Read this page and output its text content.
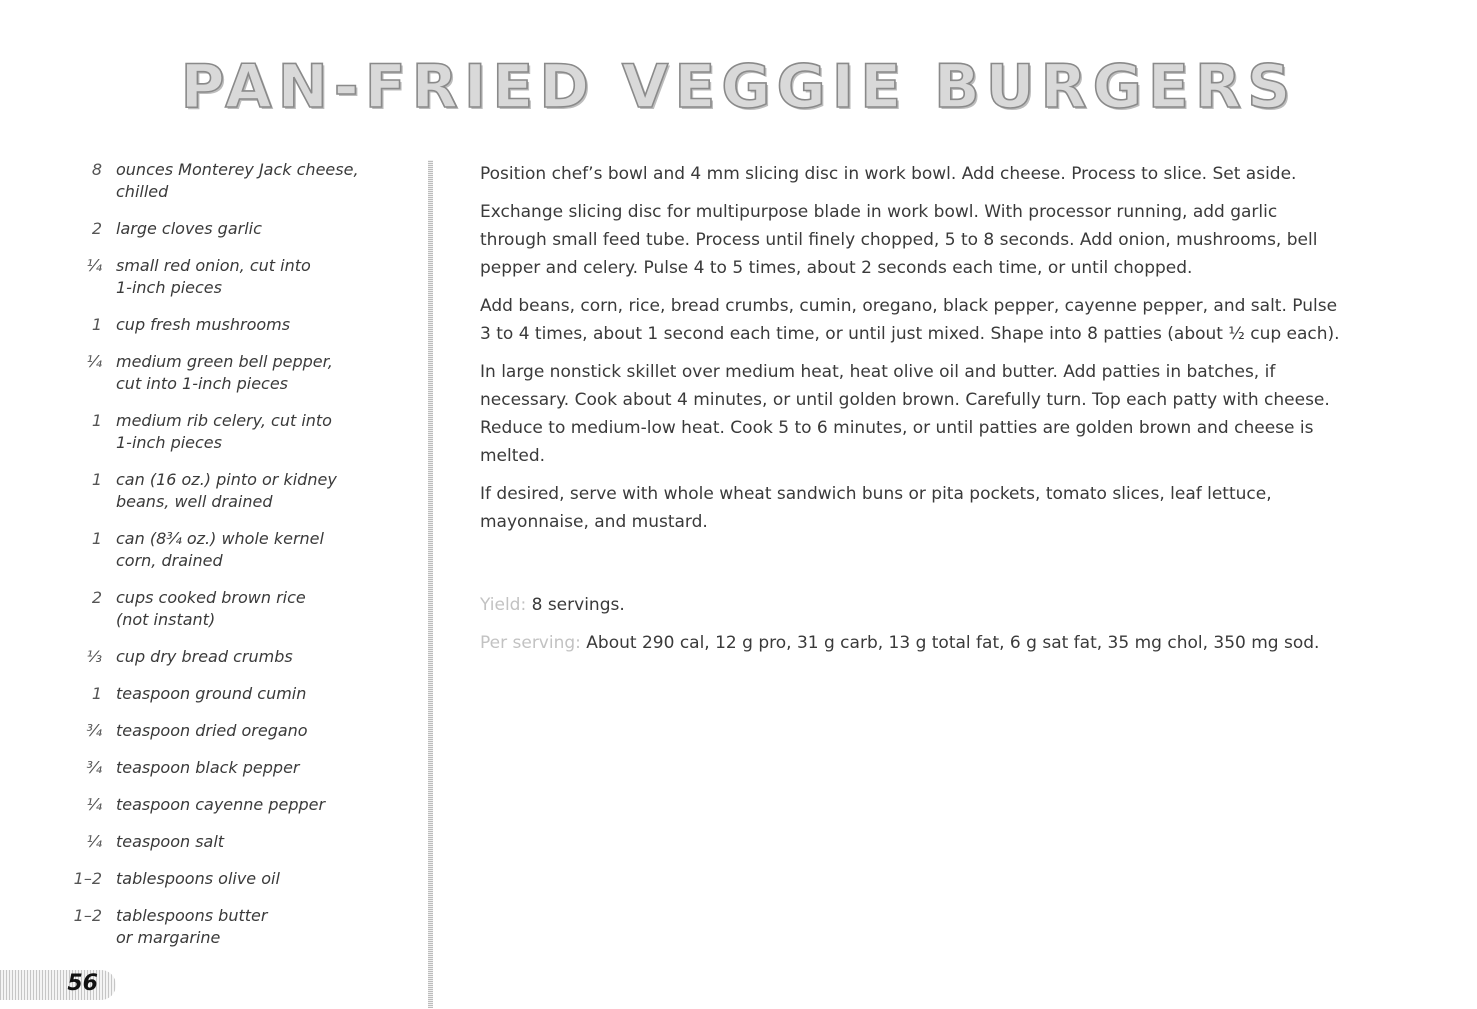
PAN-FRIED VEGGIE BURGERS
8 ounces Monterey Jack cheese,
chilled
2 large cloves garlic
¼ small red onion, cut into
1-inch pieces
1 cup fresh mushrooms
¼ medium green bell pepper,
cut into 1-inch pieces
1 medium rib celery, cut into
1-inch pieces
1 can (16 oz.) pinto or kidney
beans, well drained
1 can (8¾ oz.) whole kernel
corn, drained
2 cups cooked brown rice
(not instant)
⅓ cup dry bread crumbs
1 teaspoon ground cumin
¾ teaspoon dried oregano
¾ teaspoon black pepper
¼ teaspoon cayenne pepper
¼ teaspoon salt
1–2 tablespoons olive oil
1–2 tablespoons butter
or margarine

Position chef’s bowl and 4 mm slicing disc in work bowl. Add cheese. Process to slice. Set aside.

Exchange slicing disc for multipurpose blade in work bowl. With processor running, add garlic through small feed tube. Process until finely chopped, 5 to 8 seconds. Add onion, mushrooms, bell pepper and celery. Pulse 4 to 5 times, about 2 seconds each time, or until chopped.

Add beans, corn, rice, bread crumbs, cumin, oregano, black pepper, cayenne pepper, and salt. Pulse 3 to 4 times, about 1 second each time, or until just mixed. Shape into 8 patties (about ½ cup each).

In large nonstick skillet over medium heat, heat olive oil and butter. Add patties in batches, if necessary. Cook about 4 minutes, or until golden brown. Carefully turn. Top each patty with cheese. Reduce to medium-low heat. Cook 5 to 6 minutes, or until patties are golden brown and cheese is melted.

If desired, serve with whole wheat sandwich buns or pita pockets, tomato slices, leaf lettuce, mayonnaise, and mustard.

Yield: 8 servings.

Per serving: About 290 cal, 12 g pro, 31 g carb, 13 g total fat, 6 g sat fat, 35 mg chol, 350 mg sod.

56
